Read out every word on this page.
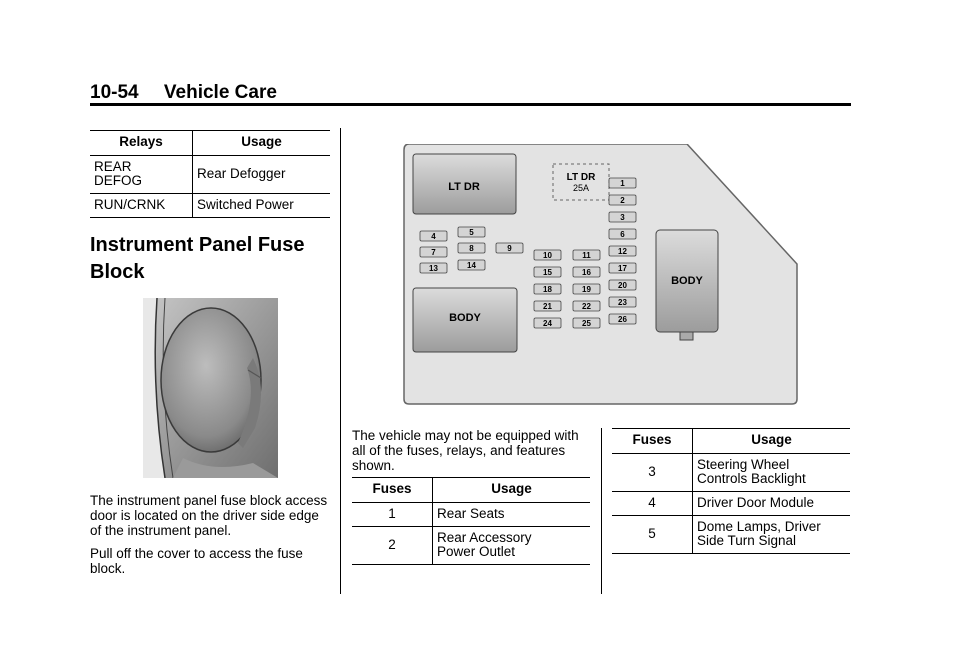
10-54 Vehicle Care
Relays	Usage
REAR
DEFOG	Rear Defogger
RUN/CRNK	Switched Power
Instrument Panel Fuse Block
The instrument panel fuse block access door is located on the driver side edge of the instrument panel.
Pull off the cover to access the fuse block.
LT DR
LT DR
25A
BODY
BODY
4	5
7	8	9
13	14
10	11
15	16
18	19
21	22
24	25
1
2
3
6
12
17
20
23
26
The vehicle may not be equipped with all of the fuses, relays, and features shown.
Fuses	Usage
1	Rear Seats
2	Rear Accessory
Power Outlet
Fuses	Usage
3	Steering Wheel
Controls Backlight
4	Driver Door Module
5	Dome Lamps, Driver
Side Turn Signal
